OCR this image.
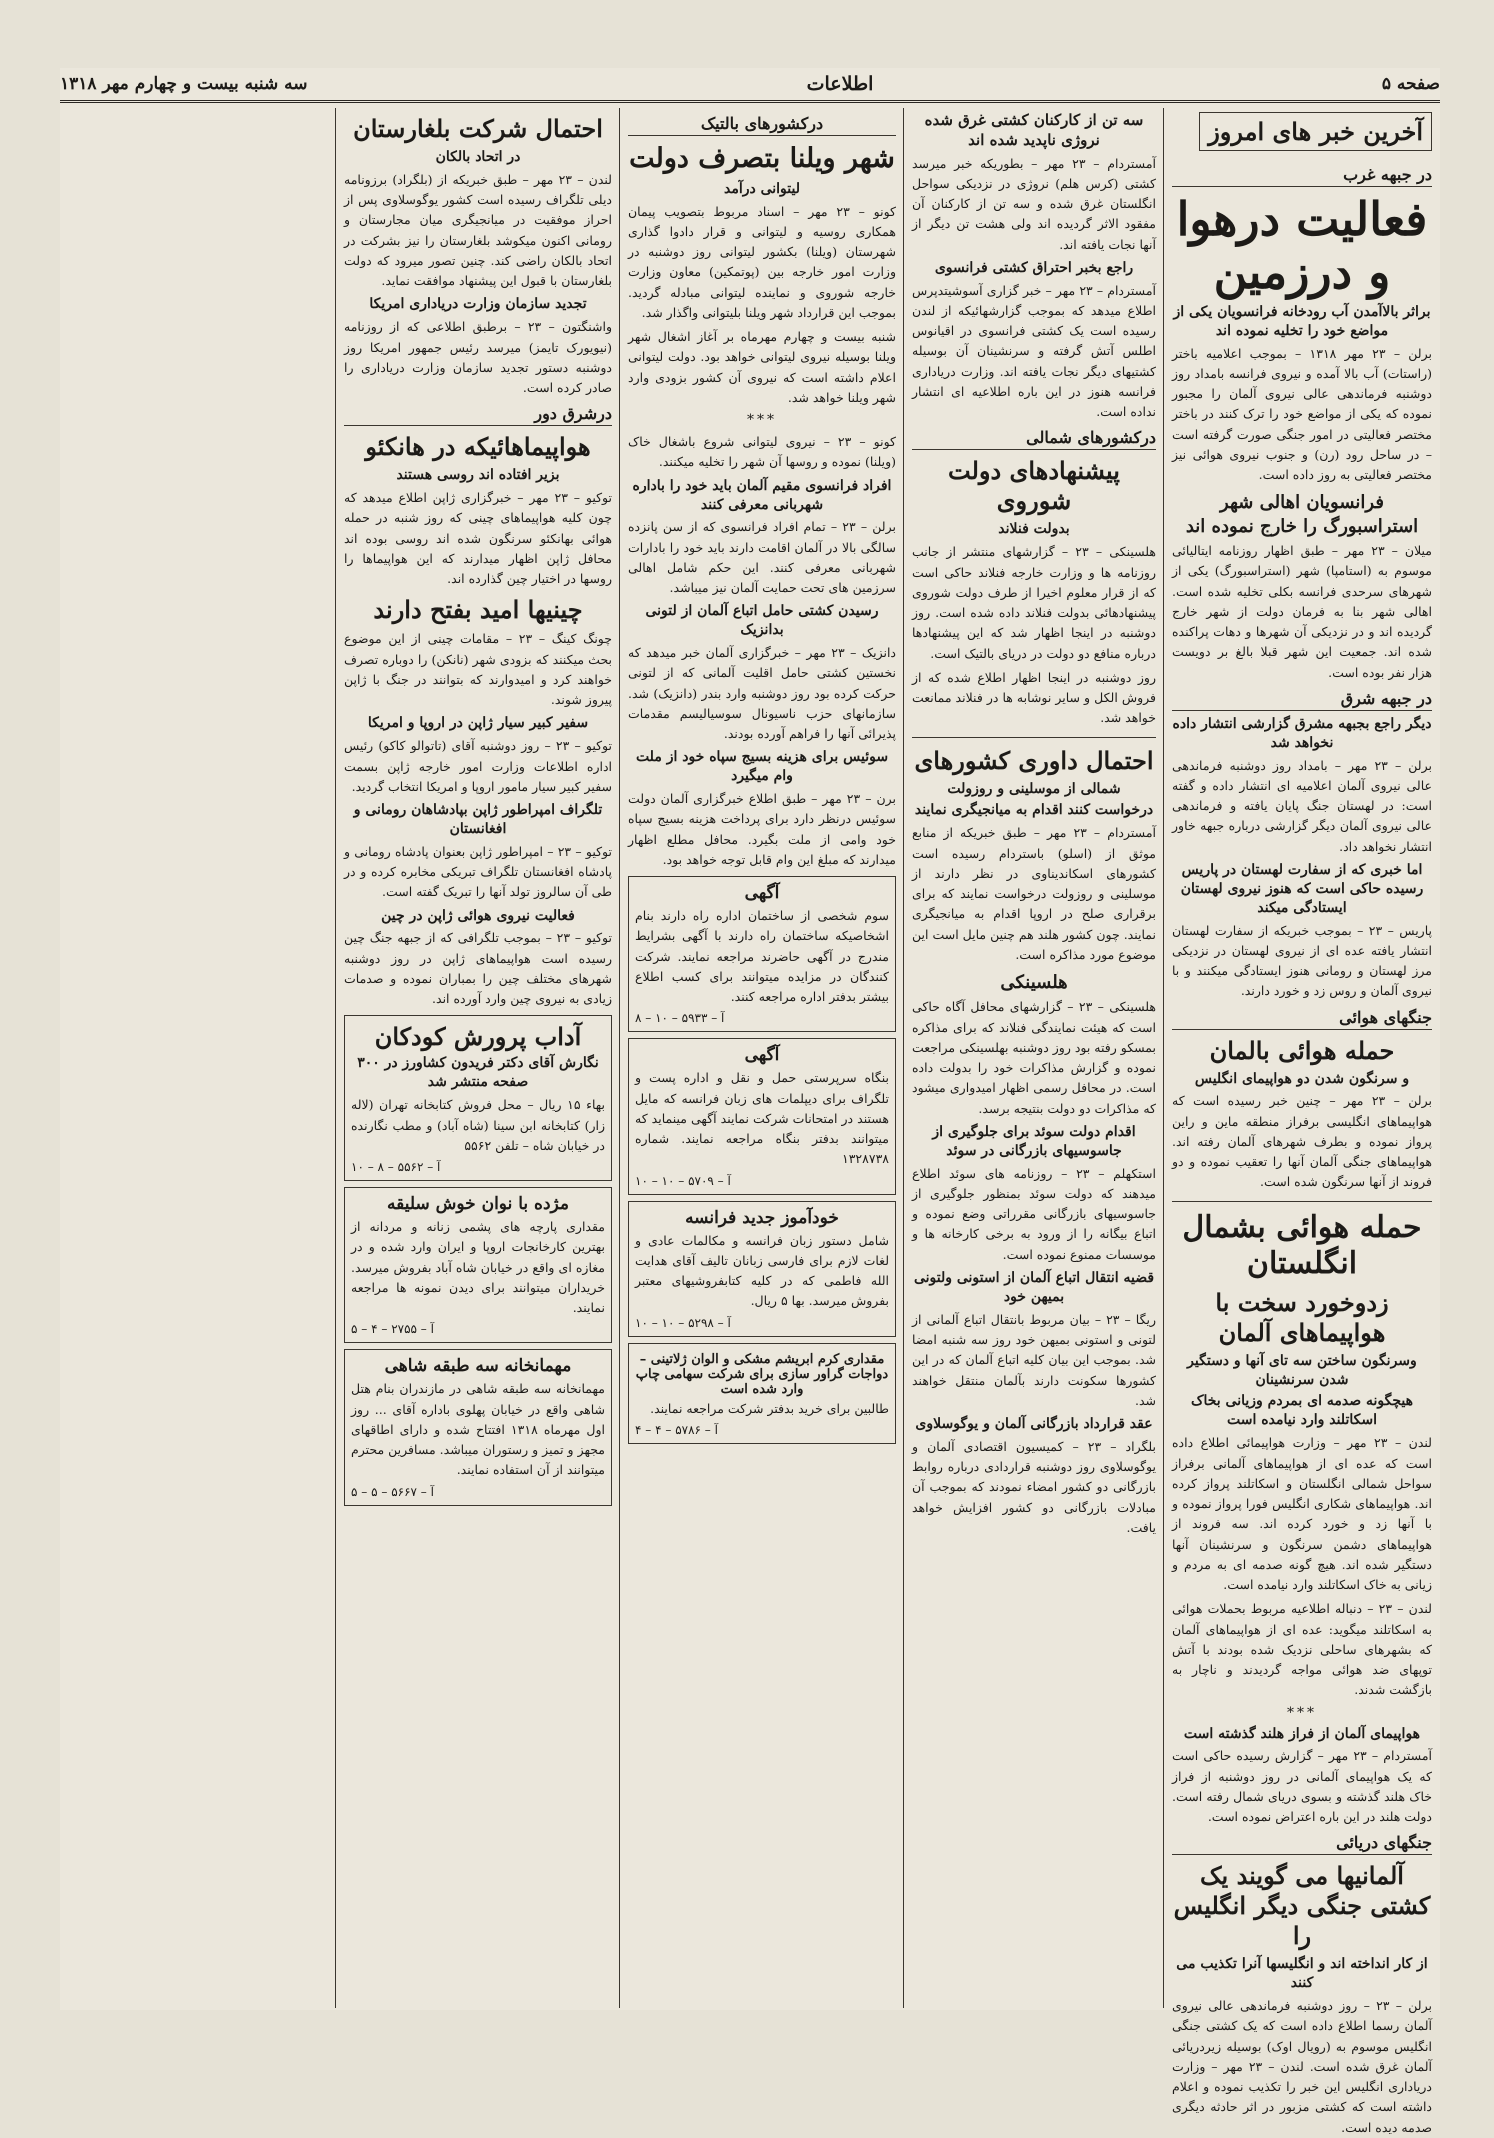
صفحه ۵
اطلاعات
سه شنبه بیست و چهارم مهر ۱۳۱۸
آخرین خبر های امروز
در جبهه غرب
فعالیت درهوا و درزمین
براثر بالاآمدن آب رودخانه فرانسویان یکی از مواضع خود را تخلیه نموده اند

برلن – ۲۳ مهر ۱۳۱۸ – بموجب اعلامیه باختر (راستات) آب بالا آمده و نیروی فرانسه بامداد روز دوشنبه فرماندهی عالی نیروی آلمان را مجبور نموده که یکی از مواضع خود را ترک کنند در باختر مختصر فعالیتی در امور جنگی صورت گرفته است – در ساحل رود (رن) و جنوب نیروی هوائی نیز مختصر فعالیتی به روز داده است.

فرانسویان اهالی شهر استراسبورگ را خارج نموده اند

میلان – ۲۳ مهر – طبق اظهار روزنامه ایتالیائی موسوم به (استامپا) شهر (استراسبورگ) یکی از شهرهای سرحدی فرانسه بکلی تخلیه شده است. اهالی شهر بنا به فرمان دولت از شهر خارج گردیده اند و در نزدیکی آن شهرها و دهات پراکنده شده اند. جمعیت این شهر قبلا بالغ بر دویست هزار نفر بوده است.

در جبهه شرق
دیگر راجع بجبهه مشرق گزارشی انتشار داده نخواهد شد

برلن – ۲۳ مهر – بامداد روز دوشنبه فرماندهی عالی نیروی آلمان اعلامیه ای انتشار داده و گفته است: در لهستان جنگ پایان یافته و فرماندهی عالی نیروی آلمان دیگر گزارشی درباره جبهه خاور انتشار نخواهد داد.

اما خبری که از سفارت لهستان در پاریس رسیده حاکی است که هنوز نیروی لهستان ایستادگی میکند

پاریس – ۲۳ – بموجب خبریکه از سفارت لهستان انتشار یافته عده ای از نیروی لهستان در نزدیکی مرز لهستان و رومانی هنوز ایستادگی میکنند و با نیروی آلمان و روس زد و خورد دارند.

جنگهای هوائی
حمله هوائی بالمان
و سرنگون شدن دو هواپیمای انگلیس

برلن – ۲۳ مهر – چنین خبر رسیده است که هواپیماهای انگلیسی برفراز منطقه ماین و راین پرواز نموده و بطرف شهرهای آلمان رفته اند. هواپیماهای جنگی آلمان آنها را تعقیب نموده و دو فروند از آنها سرنگون شده است.

حمله هوائی بشمال انگلستان
زدوخورد سخت با هواپیماهای آلمان
وسرنگون ساختن سه تای آنها و دستگیر شدن سرنشینان
هیچگونه صدمه ای بمردم وزیانی بخاک اسکاتلند وارد نیامده است

لندن – ۲۳ مهر – وزارت هواپیمائی اطلاع داده است که عده ای از هواپیماهای آلمانی برفراز سواحل شمالی انگلستان و اسکاتلند پرواز کرده اند. هواپیماهای شکاری انگلیس فورا پرواز نموده و با آنها زد و خورد کرده اند. سه فروند از هواپیماهای دشمن سرنگون و سرنشینان آنها دستگیر شده اند. هیچ گونه صدمه ای به مردم و زیانی به خاک اسکاتلند وارد نیامده است.

لندن – ۲۳ – دنباله اطلاعیه مربوط بحملات هوائی به اسکاتلند میگوید: عده ای از هواپیماهای آلمان که بشهرهای ساحلی نزدیک شده بودند با آتش توپهای ضد هوائی مواجه گردیدند و ناچار به بازگشت شدند.

***
هواپیمای آلمان از فراز هلند گذشته است

آمستردام – ۲۳ مهر – گزارش رسیده حاکی است که یک هواپیمای آلمانی در روز دوشنبه از فراز خاک هلند گذشته و بسوی دریای شمال رفته است. دولت هلند در این باره اعتراض نموده است.

جنگهای دریائی
آلمانیها می گویند یک کشتی جنگی دیگر انگلیس را
از کار انداخته اند و انگلیسها آنرا تکذیب می کنند

برلن – ۲۳ – روز دوشنبه فرماندهی عالی نیروی آلمان رسما اطلاع داده است که یک کشتی جنگی انگلیس موسوم به (رویال اوک) بوسیله زیردریائی آلمان غرق شده است. لندن – ۲۳ مهر – وزارت دریاداری انگلیس این خبر را تکذیب نموده و اعلام داشته است که کشتی مزبور در اثر حادثه دیگری صدمه دیده است.

سه تن از کارکنان کشتی غرق شده نروژی ناپدید شده اند

آمستردام – ۲۳ مهر – بطوریکه خبر میرسد کشتی (کرس هلم) نروژی در نزدیکی سواحل انگلستان غرق شده و سه تن از کارکنان آن مفقود الاثر گردیده اند ولی هشت تن دیگر از آنها نجات یافته اند.

راجع بخبر احتراق کشتی فرانسوی

آمستردام – ۲۳ مهر – خبر گزاری آسوشیتدپرس اطلاع میدهد که بموجب گزارشهائیکه از لندن رسیده است یک کشتی فرانسوی در اقیانوس اطلس آتش گرفته و سرنشینان آن بوسیله کشتیهای دیگر نجات یافته اند. وزارت دریاداری فرانسه هنوز در این باره اطلاعیه ای انتشار نداده است.

درکشورهای شمالی
پیشنهادهای دولت شوروی
بدولت فنلاند

هلسینکی – ۲۳ – گزارشهای منتشر از جانب روزنامه ها و وزارت خارجه فنلاند حاکی است که از قرار معلوم اخیرا از طرف دولت شوروی پیشنهادهائی بدولت فنلاند داده شده است. روز دوشنبه در اینجا اظهار شد که این پیشنهادها درباره منافع دو دولت در دریای بالتیک است.

روز دوشنبه در اینجا اظهار اطلاع شده که از فروش الکل و سایر نوشابه ها در فنلاند ممانعت خواهد شد.

احتمال داوری کشورهای
شمالی از موسلینی و روزولت
درخواست کنند اقدام به میانجیگری نمایند

آمستردام – ۲۳ مهر – طبق خبریکه از منابع موثق از (اسلو) باستردام رسیده است کشورهای اسکاندیناوی در نظر دارند از موسلینی و روزولت درخواست نمایند که برای برقراری صلح در اروپا اقدام به میانجیگری نمایند. چون کشور هلند هم چنین مایل است این موضوع مورد مذاکره است.

هلسینکی

هلسینکی – ۲۳ – گزارشهای محافل آگاه حاکی است که هیئت نمایندگی فنلاند که برای مذاکره بمسکو رفته بود روز دوشنبه بهلسینکی مراجعت نموده و گزارش مذاکرات خود را بدولت داده است. در محافل رسمی اظهار امیدواری میشود که مذاکرات دو دولت بنتیجه برسد.

اقدام دولت سوئد برای جلوگیری از جاسوسیهای بازرگانی در سوئد

استکهلم – ۲۳ – روزنامه های سوئد اطلاع میدهند که دولت سوئد بمنظور جلوگیری از جاسوسیهای بازرگانی مقرراتی وضع نموده و اتباع بیگانه را از ورود به برخی کارخانه ها و موسسات ممنوع نموده است.

قضیه انتقال اتباع آلمان از استونی ولتونی بمیهن خود

ریگا – ۲۳ – بیان مربوط بانتقال اتباع آلمانی از لتونی و استونی بمیهن خود روز سه شنبه امضا شد. بموجب این بیان کلیه اتباع آلمان که در این کشورها سکونت دارند بآلمان منتقل خواهند شد.

عقد قرارداد بازرگانی آلمان و یوگوسلاوی

بلگراد – ۲۳ – کمیسیون اقتصادی آلمان و یوگوسلاوی روز دوشنبه قراردادی درباره روابط بازرگانی دو کشور امضاء نمودند که بموجب آن مبادلات بازرگانی دو کشور افزایش خواهد یافت.

درکشورهای بالتیک
شهر ویلنا بتصرف دولت
لیتوانی درآمد

کونو – ۲۳ مهر – اسناد مربوط بتصویب پیمان همکاری روسیه و لیتوانی و قرار دادوا گذاری شهرستان (ویلنا) بکشور لیتوانی روز دوشنبه در وزارت امور خارجه بین (پوتمکین) معاون وزارت خارجه شوروی و نماینده لیتوانی مبادله گردید. بموجب این قرارداد شهر ویلنا بلیتوانی واگذار شد.

شنبه بیست و چهارم مهرماه بر آغاز اشغال شهر ویلنا بوسیله نیروی لیتوانی خواهد بود. دولت لیتوانی اعلام داشته است که نیروی آن کشور بزودی وارد شهر ویلنا خواهد شد.

***

کونو – ۲۳ – نیروی لیتوانی شروع باشغال خاک (ویلنا) نموده و روسها آن شهر را تخلیه میکنند.

افراد فرانسوی مقیم آلمان باید خود را باداره شهربانی معرفی کنند

برلن – ۲۳ – تمام افراد فرانسوی که از سن پانزده سالگی بالا در آلمان اقامت دارند باید خود را بادارات شهربانی معرفی کنند. این حکم شامل اهالی سرزمین های تحت حمایت آلمان نیز میباشد.

رسیدن کشتی حامل اتباع آلمان از لتونی بدانزیک

دانزیک – ۲۳ مهر – خبرگزاری آلمان خبر میدهد که نخستین کشتی حامل اقلیت آلمانی که از لتونی حرکت کرده بود روز دوشنبه وارد بندر (دانزیک) شد. سازمانهای حزب ناسیونال سوسیالیسم مقدمات پذیرائی آنها را فراهم آورده بودند.

سوئیس برای هزینه بسیج سپاه خود از ملت وام میگیرد

برن – ۲۳ مهر – طبق اطلاع خبرگزاری آلمان دولت سوئیس درنظر دارد برای پرداخت هزینه بسیج سپاه خود وامی از ملت بگیرد. محافل مطلع اظهار میدارند که مبلغ این وام قابل توجه خواهد بود.

آگهی

سوم شخصی از ساختمان اداره راه دارند بنام اشخاصیکه ساختمان راه دارند با آگهی بشرایط مندرج در آگهی حاضرند مراجعه نمایند. شرکت کنندگان در مزایده میتوانند برای کسب اطلاع بیشتر بدفتر اداره مراجعه کنند.

آ – ۵۹۳۳ – ۱۰ – ۸
آگهی

بنگاه سرپرستی حمل و نقل و اداره پست و تلگراف برای دیپلمات های زبان فرانسه که مایل هستند در امتحانات شرکت نمایند آگهی مینماید که میتوانند بدفتر بنگاه مراجعه نمایند. شماره ۱۳۲۸۷۳۸

آ – ۵۷۰۹ – ۱۰ – ۱۰
خودآموز جدید فرانسه

شامل دستور زبان فرانسه و مکالمات عادی و لغات لازم برای فارسی زبانان تالیف آقای هدایت الله فاطمی که در کلیه کتابفروشیهای معتبر بفروش میرسد. بها ۵ ریال.

آ – ۵۲۹۸ – ۱۰ – ۱۰
مقداری کرم ابریشم مشکی و الوان ژلاتینی – دواجات گراور سازی برای شرکت سهامی چاپ وارد شده است

طالبین برای خرید بدفتر شرکت مراجعه نمایند.

آ – ۵۷۸۶ – ۴ – ۴
احتمال شرکت بلغارستان
در اتحاد بالکان

لندن – ۲۳ مهر – طبق خبریکه از (بلگراد) برزونامه دیلی تلگراف رسیده است کشور یوگوسلاوی پس از احراز موفقیت در میانجیگری میان مجارستان و رومانی اکنون میکوشد بلغارستان را نیز بشرکت در اتحاد بالکان راضی کند. چنین تصور میرود که دولت بلغارستان با قبول این پیشنهاد موافقت نماید.

تجدید سازمان وزارت دریاداری امریکا

واشنگتون – ۲۳ – برطبق اطلاعی که از روزنامه (نیویورک تایمز) میرسد رئیس جمهور امریکا روز دوشنبه دستور تجدید سازمان وزارت دریاداری را صادر کرده است.

درشرق دور
هواپیماهائیکه در هانکئو
بزیر افتاده اند روسی هستند

توکیو – ۲۳ مهر – خبرگزاری ژاپن اطلاع میدهد که چون کلیه هواپیماهای چینی که روز شنبه در حمله هوائی بهانکئو سرنگون شده اند روسی بوده اند محافل ژاپن اظهار میدارند که این هواپیماها را روسها در اختیار چین گذارده اند.

چینیها امید بفتح دارند

چونگ کینگ – ۲۳ – مقامات چینی از این موضوع بحث میکنند که بزودی شهر (نانکن) را دوباره تصرف خواهند کرد و امیدوارند که بتوانند در جنگ با ژاپن پیروز شوند.

سفیر کبیر سیار ژاپن در اروپا و امریکا

توکیو – ۲۳ – روز دوشنبه آقای (تاتوالو کاکو) رئیس اداره اطلاعات وزارت امور خارجه ژاپن بسمت سفیر کبیر سیار مامور اروپا و امریکا انتخاب گردید.

تلگراف امپراطور ژاپن بپادشاهان رومانی و افغانستان

توکیو – ۲۳ – امپراطور ژاپن بعنوان پادشاه رومانی و پادشاه افغانستان تلگراف تبریکی مخابره کرده و در طی آن سالروز تولد آنها را تبریک گفته است.

فعالیت نیروی هوائی ژاپن در چین

توکیو – ۲۳ – بموجب تلگرافی که از جبهه جنگ چین رسیده است هواپیماهای ژاپن در روز دوشنبه شهرهای مختلف چین را بمباران نموده و صدمات زیادی به نیروی چین وارد آورده اند.

آداب پرورش کودکان
نگارش آقای دکتر فریدون کشاورز در ۳۰۰ صفحه منتشر شد

بهاء ۱۵ ریال – محل فروش کتابخانه تهران (لاله زار) کتابخانه ابن سینا (شاه آباد) و مطب نگارنده در خیابان شاه – تلفن ۵۵۶۲

آ – ۵۵۶۲ – ۸ – ۱۰
مژده با نوان خوش سلیقه

مقداری پارچه های پشمی زنانه و مردانه از بهترین کارخانجات اروپا و ایران وارد شده و در مغازه ای واقع در خیابان شاه آباد بفروش میرسد. خریداران میتوانند برای دیدن نمونه ها مراجعه نمایند.

آ – ۲۷۵۵ – ۴ – ۵
مهمانخانه سه طبقه شاهی

مهمانخانه سه طبقه شاهی در مازندران بنام هتل شاهی واقع در خیابان پهلوی باداره آقای ... روز اول مهرماه ۱۳۱۸ افتتاح شده و دارای اطاقهای مجهز و تمیز و رستوران میباشد. مسافرین محترم میتوانند از آن استفاده نمایند.

آ – ۵۶۶۷ – ۵ – ۵
